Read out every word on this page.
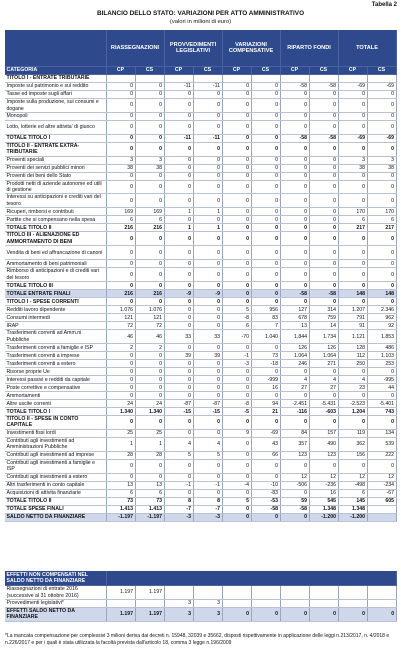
Tabella 2
BILANCIO DELLO STATO: VARIAZIONI PER ATTO AMMINISTRATIVO
(valori in milioni di euro)
	RIASSEGNAZIONI		PROVVEDIMENTI LEGISLATIVI		VARIAZIONI COMPENSATIVE		RIPARTO FONDI		TOTALE	
CATEGORIA	CP	CS	CP	CS	CP	CS	CP	CS	CP	CS
TITOLO I - ENTRATE TRIBUTARIE										
Imposte sul patrimonio e sul reddito	0	0	-11	-11	0	0	-58	-58	-69	-69
Tasse ed imposte sugli affari	0	0	0	0	0	0	0	0	0	0
Imposte sulla produzione, sui consumi e dogane	0	0	0	0	0	0	0	0	0	0
Monopoli	0	0	0	0	0	0	0	0	0	0
Lotto, lotterie ed altre attivita' di giuoco	0	0	0	0	0	0	0	0	0	0
TOTALE TITOLO I	0	0	-11	-11	0	0	-58	-58	-69	-69
TITOLO II - ENTRATE EXTRA-TRIBUTARIE	0	0	0	0	0	0	0	0	0	0
Proventi speciali	3	3	0	0	0	0	0	0	3	3
Proventi dei servizi pubblici minori	38	38	0	0	0	0	0	0	38	38
Proventi dei beni dello Stato	0	0	0	0	0	0	0	0	0	0
Prodotti netti di aziende autonome ed utili di gestione	0	0	0	0	0	0	0	0	0	0
Interessi su anticipazioni e crediti vari del tesoro	0	0	0	0	0	0	0	0	0	0
Ricuperi, rimborsi e contributi	169	169	1	1	0	0	0	0	170	170
Partite che si compensano nella spesa	6	6	0	0	0	0	0	0	6	6
TOTALE TITOLO II	216	216	1	1	0	0	0	0	217	217
TITOLO III - ALIENAZIONE ED AMMORTAMENTO DI BENI	0	0	0	0	0	0	0	0	0	0
Vendita di beni ed affrancazione di canoni	0	0	0	0	0	0	0	0	0	0
Ammortamento di beni patrimoniali	0	0	0	0	0	0	0	0	0	0
Rimborso di anticipazioni e di crediti vari del tesoro	0	0	0	0	0	0	0	0	0	0
TOTALE TITOLO III	0	0	0	0	0	0	0	0	0	0
TOTALE ENTRATE FINALI	216	216	-9	-9	0	0	-58	-58	148	148
TITOLO I - SPESE CORRENTI	0	0	0	0	0	0	0	0	0	0
Redditi lavoro dipendente	1.076	1.076	0	0	5	956	127	314	1.207	2.346
Consumi intermedi	121	121	0	0	-8	83	678	759	791	962
IRAP	72	72	0	0	6	7	13	14	91	92
Trasferimenti correnti ad Amm.ni Pubbliche	46	46	33	33	-70	1.040	1.844	1.734	1.121	1.853
Trasferimenti correnti a famiglie e ISP	2	2	0	0	0	0	126	126	128	486
Trasferimenti correnti a imprese	0	0	39	39	-1	73	1.064	1.064	112	1.103
Trasferimenti correnti a estero	0	0	0	0	-3	-18	246	271	250	253
Risorse proprie Ue	0	0	0	0	0	0	0	0	0	0
Interessi passivi e redditi da capitale	0	0	0	0	0	-999	4	4	4	-995
Poste correttive e compensative	0	0	0	0	0	16	27	27	23	44
Ammortamenti	0	0	0	0	0	0	0	0	0	0
Altre uscite correnti	24	24	-87	-87	-8	94	-2.451	-5.431	-2.523	-5.401
TOTALE TITOLO I	1.340	1.340	-15	-15	-5	21	-116	-603	1.204	743
TITOLO II - SPESE IN CONTO CAPITALE	0	0	0	0	0	0	0	0	0	0
Investimenti fissi lordi	25	25	0	0	9	-69	84	157	119	134
Contributi agli investimenti ad Amministrazioni Pubbliche	1	1	4	4	0	43	357	490	362	539
Contributi agli investimenti ad imprese	28	28	5	5	0	66	123	123	156	222
Contributi agli investimenti a famiglie e ISP	0	0	0	0	0	0	0	0	0	0
Contributi agli investimenti a estero	0	0	0	0	0	0	12	12	12	12
Altri trasferimenti in conto capitale	13	13	-1	-1	-4	-10	-506	-236	-498	-234
Acquisizioni di attivita finanziarie	6	6	0	0	0	-83	0	16	6	-67
TOTALE TITOLO II	73	73	8	8	5	-53	59	545	145	605
TOTALE SPESE FINALI	1.413	1.413	-7	-7	0	-58	-58	1.348	1.348	
SALDO NETTO DA FINANZIARE	-1.197	-1.197	-3	-3	0	0	0	-1.200	-1.200	
EFFETTI NON COMPENSATI NEL SALDO NETTO DA FINANZIARE										
Riassegnazioni di entrate 2016 (successive al 31 ottobre 2016)	1.197	1.197								
Provvedimenti legislativi*			3	3						
EFFETTI SALDO NETTO DA FINANZIARE	1.197	1.197	3	3	0	0	0	0	0	0
*La mancata compensazione per complessivi 3 milioni deriva dai decreti n. 15948, 32039 e 35662, disposti rispettivamente in applicazione delle leggi n.213/2017, n. 4/2018 e n.226/2017 e per i quali è stata utilizzata la facoltà prevista dall'articolo 18, comma 3 legge n.196/2009
